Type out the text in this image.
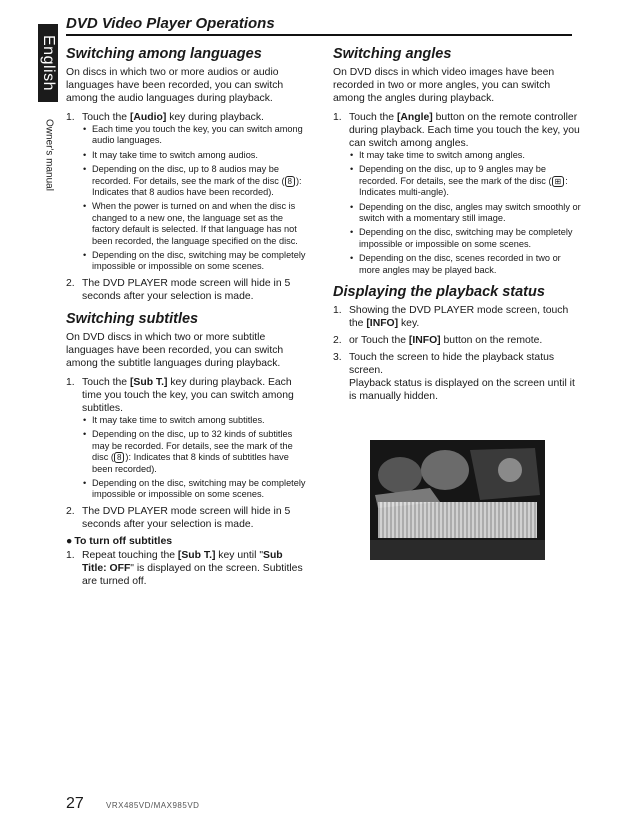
English
Owner's manual
DVD Video Player Operations
Switching among languages

On discs in which two or more audios or audio languages have been recorded, you can switch among the audio languages during playback.

1. Touch the [Audio] key during playback.
• Each time you touch the key, you can switch among audio languages.
• It may take time to switch among audios.
• Depending on the disc, up to 8 audios may be recorded. For details, see the mark of the disc ( 8 ): Indicates that 8 audios have been recorded).
• When the power is turned on and when the disc is changed to a new one, the language set as the factory default is selected. If that language has not been recorded, the language specified on the disc.
• Depending on the disc, switching may be completely impossible or impossible on some scenes.
2. The DVD PLAYER mode screen will hide in 5 seconds after your selection is made.
Switching subtitles

On DVD discs in which two or more subtitle languages have been recorded, you can switch among the subtitle languages during playback.

1. Touch the [Sub T.] key during playback. Each time you touch the key, you can switch among subtitles.
• It may take time to switch among subtitles.
• Depending on the disc, up to 32 kinds of subtitles may be recorded. For details, see the mark of the disc ( 8 ): Indicates that 8 kinds of subtitles have been recorded).
• Depending on the disc, switching may be completely impossible or impossible on some scenes.
2. The DVD PLAYER mode screen will hide in 5 seconds after your selection is made.
● To turn off subtitles
1. Repeat touching the [Sub T.] key until "Sub Title: OFF" is displayed on the screen. Subtitles are turned off.
Switching angles

On DVD discs in which video images have been recorded in two or more angles, you can switch among the angles during playback.

1. Touch the [Angle] button on the remote controller during playback. Each time you touch the key, you can switch among angles.
• It may take time to switch among angles.
• Depending on the disc, up to 9 angles may be recorded. For details, see the mark of the disc ( ⊞ : Indicates multi-angle).
• Depending on the disc, angles may switch smoothly or switch with a momentary still image.
• Depending on the disc, switching may be completely impossible or impossible on some scenes.
• Depending on the disc, scenes recorded in two or more angles may be played back.
Displaying the playback status
1. Showing the DVD PLAYER mode screen, touch the [INFO] key.
2. or Touch the [INFO] button on the remote.
3. Touch the screen to hide the playback status screen.
Playback status is displayed on the screen until it is manually hidden.
27	VRX485VD/MAX985VD
